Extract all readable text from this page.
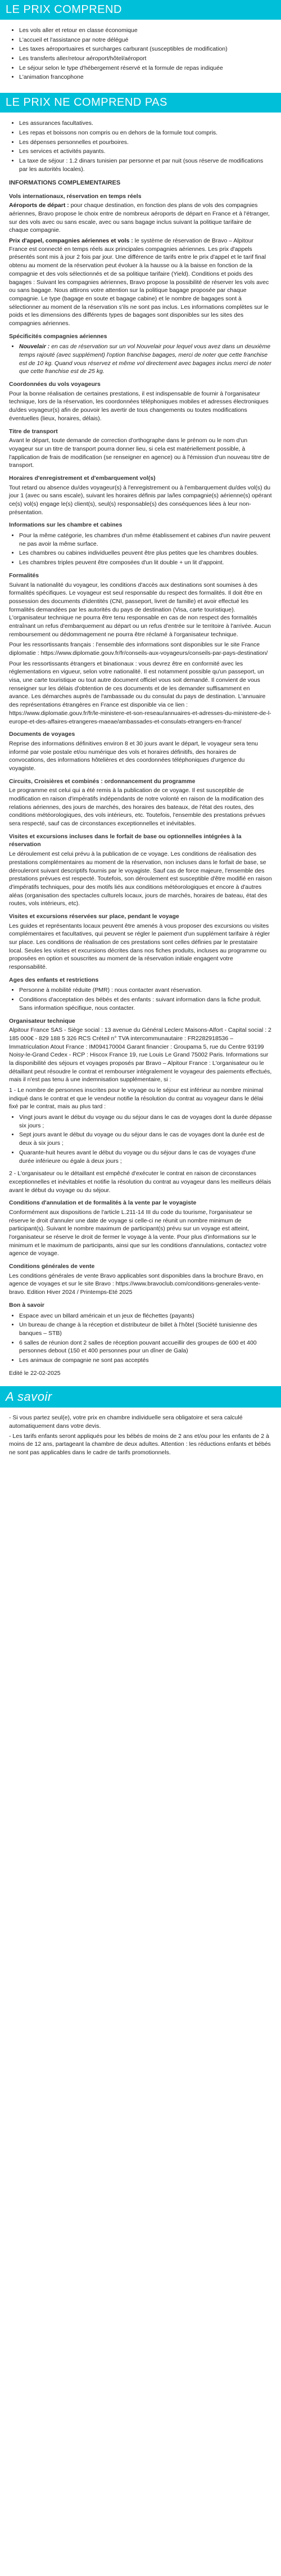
LE PRIX COMPREND
• Les vols aller et retour en classe économique
• L'accueil et l'assistance par notre délégué
• Les taxes aéroportuaires et surcharges carburant (susceptibles de modification)
• Les transferts aller/retour aéroport/hôtel/aéroport
• Le séjour selon le type d'hébergement réservé et la formule de repas indiquée
• L'animation francophone
LE PRIX NE COMPREND PAS
• Les assurances facultatives.
• Les repas et boissons non compris ou en dehors de la formule tout compris.
• Les dépenses personnelles et pourboires.
• Les services et activités payants.
• La taxe de séjour : 1.2 dinars tunisien par personne et par nuit (sous réserve de modifications par les autorités locales).
INFORMATIONS COMPLEMENTAIRES
Vols internationaux, réservation en temps réels

Aéroports de départ : pour chaque destination, en fonction des plans de vols des compagnies aériennes, Bravo propose le choix entre de nombreux aéroports de départ en France et à l'étranger, sur des vols avec ou sans escale, avec ou sans bagage inclus suivant la politique tarifaire de chaque compagnie.

Prix d'appel, compagnies aériennes et vols : le système de réservation de Bravo – Alpitour France est connecté en temps réels aux principales compagnies aériennes. Les prix d'appels présentés sont mis à jour 2 fois par jour. Une différence de tarifs entre le prix d'appel et le tarif final obtenu au moment de la réservation peut évoluer à la hausse ou à la baisse en fonction de la compagnie et des vols sélectionnés et de sa politique tarifaire (Yield). Conditions et poids des bagages : Suivant les compagnies aériennes, Bravo propose la possibilité de réserver les vols avec ou sans bagage. Nous attirons votre attention sur la politique bagage proposée par chaque compagnie. Le type (bagage en soute et bagage cabine) et le nombre de bagages sont à sélectionner au moment de la réservation s'ils ne sont pas inclus. Les informations complètes sur le poids et les dimensions des différents types de bagages sont disponibles sur les sites des compagnies aériennes.

Spécificités compagnies aériennes
• Nouvelair : en cas de réservation sur un vol Nouvelair pour lequel vous avez dans un deuxième temps rajouté (avec supplément) l'option franchise bagages, merci de noter que cette franchise est de 10 kg. Quand vous réservez et même vol directement avec bagages inclus merci de noter que cette franchise est de 25 kg.
Coordonnées du vols voyageurs

Pour la bonne réalisation de certaines prestations, il est indispensable de fournir à l'organisateur technique, lors de la réservation, les coordonnées téléphoniques mobiles et adresses électroniques du/des voyageur(s) afin de pouvoir les avertir de tous changements ou toutes modifications éventuelles (lieux, horaires, délais).

Titre de transport

Avant le départ, toute demande de correction d'orthographe dans le prénom ou le nom d'un voyageur sur un titre de transport pourra donner lieu, si cela est matériellement possible, à l'application de frais de modification (se renseigner en agence) ou à l'émission d'un nouveau titre de transport.

Horaires d'enregistrement et d'embarquement vol(s)

Tout retard ou absence du/des voyageur(s) à l'enregistrement ou à l'embarquement du/des vol(s) du jour 1 (avec ou sans escale), suivant les horaires définis par la/les compagnie(s) aérienne(s) opérant ce(s) vol(s) engage le(s) client(s), seul(s) responsable(s) des conséquences liées à leur non-présentation.

Informations sur les chambre et cabines
• Pour la même catégorie, les chambres d'un même établissement et cabines d'un navire peuvent ne pas avoir la même surface.
• Les chambres ou cabines individuelles peuvent être plus petites que les chambres doubles.
• Les chambres triples peuvent être composées d'un lit double + un lit d'appoint.
Formalités

Suivant la nationalité du voyageur, les conditions d'accès aux destinations sont soumises à des formalités spécifiques. Le voyageur est seul responsable du respect des formalités. Il doit être en possession des documents d'identités (CNI, passeport, livret de famille) et avoir effectué les formalités demandées par les autorités du pays de destination (Visa, carte touristique). L'organisateur technique ne pourra être tenu responsable en cas de non respect des formalités entraînant un refus d'embarquement au départ ou un refus d'entrée sur le territoire à l'arrivée. Aucun remboursement ou dédommagement ne pourra être réclamé à l'organisateur technique.

Pour les ressortissants français : l'ensemble des informations sont disponibles sur le site France diplomatie : https://www.diplomatie.gouv.fr/fr/conseils-aux-voyageurs/conseils-par-pays-destination/

Pour les ressortissants étrangers et binationaux : vous devrez être en conformité avec les réglementations en vigueur, selon votre nationalité. Il est notamment possible qu'un passeport, un visa, une carte touristique ou tout autre document officiel vous soit demandé. Il convient de vous renseigner sur les délais d'obtention de ces documents et de les demander suffisamment en avance. Les démarches auprès de l'ambassade ou du consulat du pays de destination. L'annuaire des représentations étrangères en France est disponible via ce lien : https://www.diplomatie.gouv.fr/fr/le-ministere-et-son-reseau/annuaires-et-adresses-du-ministere-de-l-europe-et-des-affaires-etrangeres-maeae/ambassades-et-consulats-etrangers-en-france/

Documents de voyages

Reprise des informations définitives environ 8 et 30 jours avant le départ, le voyageur sera tenu informé par voie postale et/ou numérique des vols et horaires définitifs, des horaires de convocations, des informations hôtelières et des coordonnées téléphoniques d'urgence du voyagiste.

Circuits, Croisières et combinés : ordonnancement du programme

Le programme est celui qui a été remis à la publication de ce voyage. Il est susceptible de modification en raison d'impératifs indépendants de notre volonté en raison de la modification des relations aériennes, des jours de marchés, des horaires des bateaux, de l'état des routes, des conditions météorologiques, des vols intérieurs, etc. Toutefois, l'ensemble des prestations prévues sera respecté, sauf cas de circonstances exceptionnelles et inévitables.

Visites et excursions incluses dans le forfait de base ou optionnelles intégrées à la réservation

Le déroulement est celui prévu à la publication de ce voyage. Les conditions de réalisation des prestations complémentaires au moment de la réservation, non incluses dans le forfait de base, se dérouleront suivant descriptifs fournis par le voyagiste. Sauf cas de force majeure, l'ensemble des prestations prévues est respecté. Toutefois, son déroulement est susceptible d'être modifié en raison d'impératifs techniques, pour des motifs liés aux conditions météorologiques et encore à d'autres aléas (organisation des spectacles culturels locaux, jours de marchés, horaires de bateau, état des routes, vols intérieurs, etc).

Visites et excursions réservées sur place, pendant le voyage

Les guides et représentants locaux peuvent être amenés à vous proposer des excursions ou visites complémentaires et facultatives, qui peuvent se régler le paiement d'un supplément tarifaire à régler sur place. Les conditions de réalisation de ces prestations sont celles définies par le prestataire local. Seules les visites et excursions décrites dans nos fiches produits, incluses au programme ou proposées en option et souscrites au moment de la réservation initiale engagent votre responsabilité.

Ages des enfants et restrictions
• Personne à mobilité réduite (PMR) : nous contacter avant réservation.
• Conditions d'acceptation des bébés et des enfants : suivant information dans la fiche produit. Sans information spécifique, nous contacter.
Organisateur technique

Alpitour France SAS - Siège social : 13 avenue du Général Leclerc Maisons-Alfort - Capital social : 2 185 000€ - 829 188 5 326 RCS Créteil n° TVA intercommunautaire : FR2282918536 – Immatriculation Atout France : IM094170004 Garant financier : Groupama 5, rue du Centre 93199 Noisy-le-Grand Cedex - RCP : Hiscox France 19, rue Louis Le Grand 75002 Paris. Informations sur la disponibilité des séjours et voyages proposés par Bravo – Alpitour France : L'organisateur ou le détaillant peut résoudre le contrat et rembourser intégralement le voyageur des paiements effectués, mais il n'est pas tenu à une indemnisation supplémentaire, si :

1 - Le nombre de personnes inscrites pour le voyage ou le séjour est inférieur au nombre minimal indiqué dans le contrat et que le vendeur notifie la résolution du contrat au voyageur dans le délai fixé par le contrat, mais au plus tard :

• Vingt jours avant le début du voyage ou du séjour dans le cas de voyages dont la durée dépasse six jours ;
• Sept jours avant le début du voyage ou du séjour dans le cas de voyages dont la durée est de deux à six jours ;
• Quarante-huit heures avant le début du voyage ou du séjour dans le cas de voyages d'une durée inférieure ou égale à deux jours ;

2 - L'organisateur ou le détaillant est empêché d'exécuter le contrat en raison de circonstances exceptionnelles et inévitables et notifie la résolution du contrat au voyageur dans les meilleurs délais avant le début du voyage ou du séjour.

Conditions d'annulation et de formalités à la vente par le voyagiste

Conformément aux dispositions de l'article L.211-14 III du code du tourisme, l'organisateur se réserve le droit d'annuler une date de voyage si celle-ci ne réunit un nombre minimum de participant(s). Suivant le nombre maximum de participant(s) prévu sur un voyage est atteint, l'organisateur se réserve le droit de fermer le voyage à la vente. Pour plus d'informations sur le minimum et le maximum de participants, ainsi que sur les conditions d'annulations, contactez votre agence de voyage.

Conditions générales de vente

Les conditions générales de vente Bravo applicables sont disponibles dans la brochure Bravo, en agence de voyages et sur le site Bravo : https://www.bravoclub.com/conditions-generales-vente-bravo. Edition Hiver 2024 / Printemps-Eté 2025

Bon à savoir
• Espace avec un billard américain et un jeux de fléchettes (payants)
• Un bureau de change à la réception et distributeur de billet à l'hôtel (Société tunisienne des banques – STB)
• 6 salles de réunion dont 2 salles de réception pouvant accueillir des groupes de 600 et 400 personnes debout (150 et 400 personnes pour un dîner de Gala)
• Les animaux de compagnie ne sont pas acceptés

Edité le 22-02-2025

A savoir

- Si vous partez seul(e), votre prix en chambre individuelle sera obligatoire et sera calculé automatiquement dans votre devis.

- Les tarifs enfants seront appliqués pour les bébés de moins de 2 ans et/ou pour les enfants de 2 à moins de 12 ans, partageant la chambre de deux adultes. Attention : les réductions enfants et bébés ne sont pas applicables dans le cadre de tarifs promotionnels.
